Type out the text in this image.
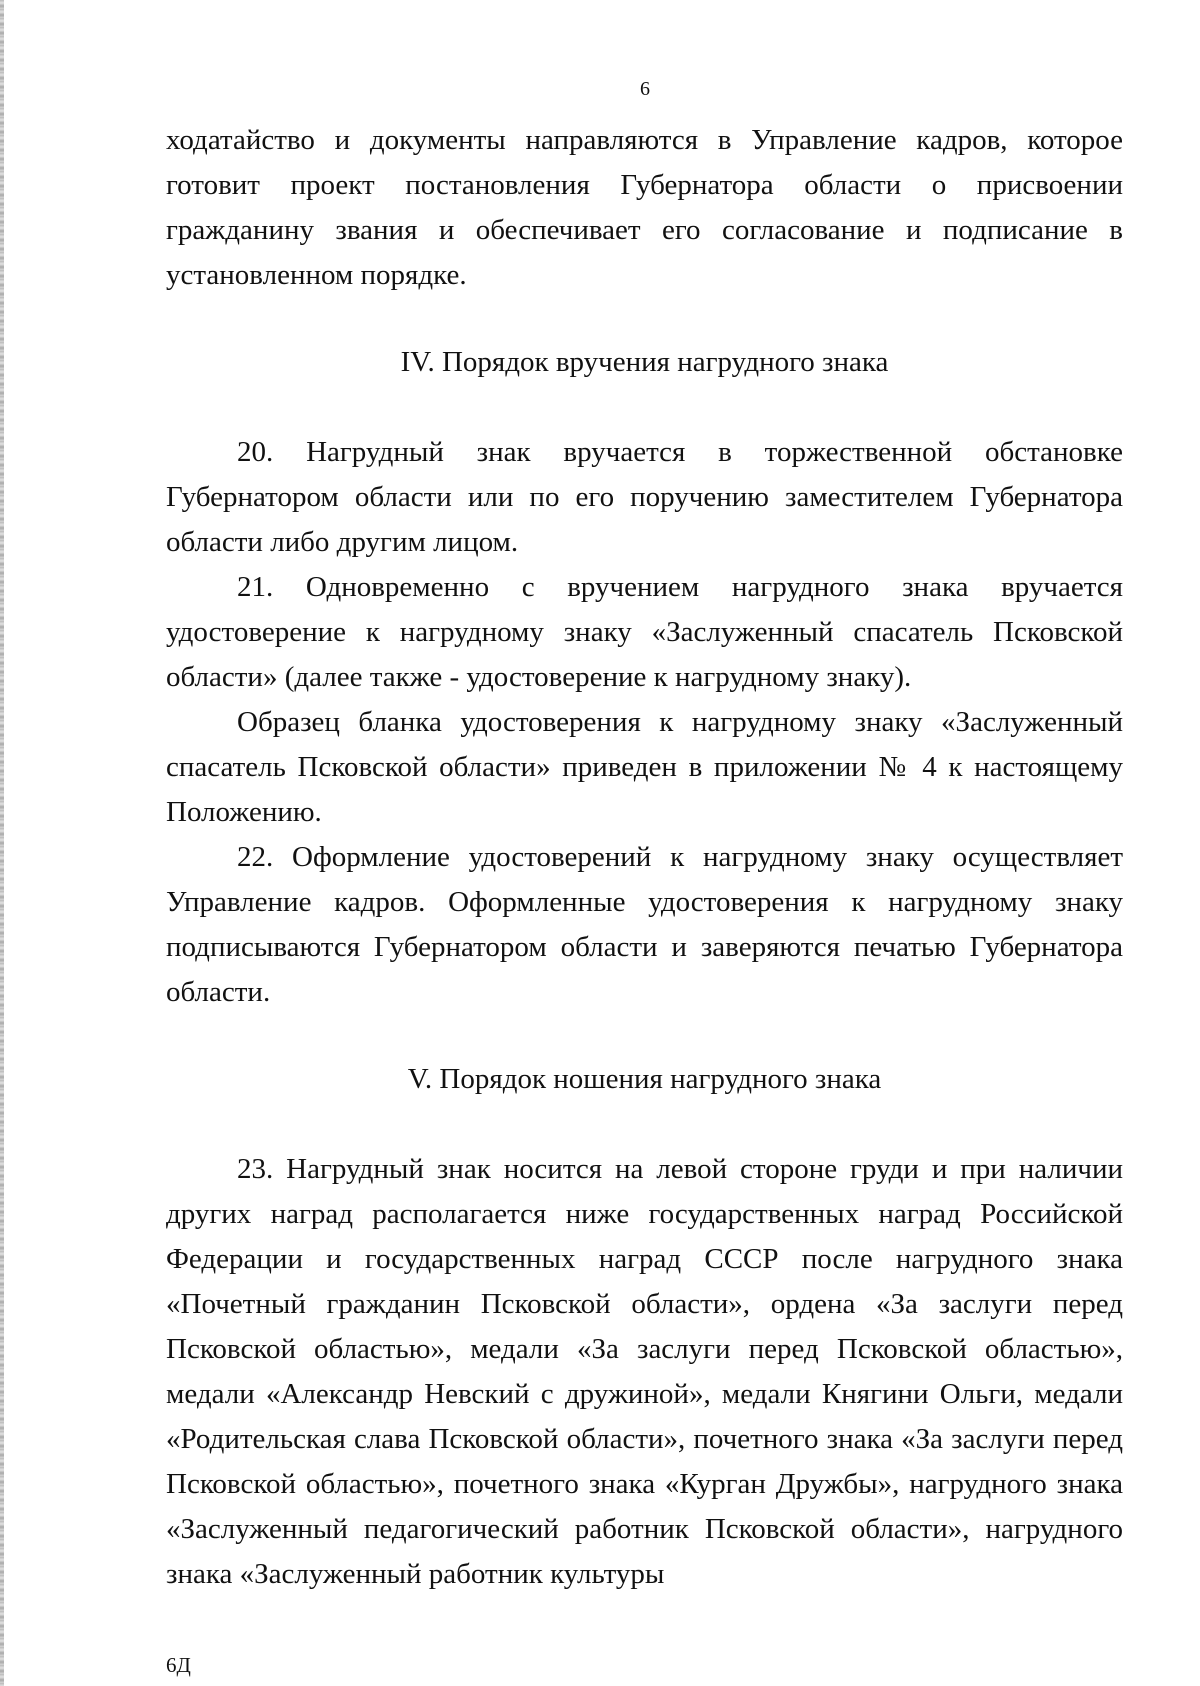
6

ходатайство и документы направляются в Управление кадров, которое готовит проект постановления Губернатора области о присвоении гражданину звания и обеспечивает его согласование и подписание в установленном порядке.

IV. Порядок вручения нагрудного знака

20. Нагрудный знак вручается в торжественной обстановке Губернатором области или по его поручению заместителем Губернатора области либо другим лицом.

21. Одновременно с вручением нагрудного знака вручается удостоверение к нагрудному знаку «Заслуженный спасатель Псковской области» (далее также - удостоверение к нагрудному знаку).

Образец бланка удостоверения к нагрудному знаку «Заслуженный спасатель Псковской области» приведен в приложении № 4 к настоящему Положению.

22. Оформление удостоверений к нагрудному знаку осуществляет Управление кадров. Оформленные удостоверения к нагрудному знаку подписываются Губернатором области и заверяются печатью Губернатора области.

V. Порядок ношения нагрудного знака

23. Нагрудный знак носится на левой стороне груди и при наличии других наград располагается ниже государственных наград Российской Федерации и государственных наград СССР после нагрудного знака «Почетный гражданин Псковской области», ордена «За заслуги перед Псковской областью», медали «За заслуги перед Псковской областью», медали «Александр Невский с дружиной», медали Княгини Ольги, медали «Родительская слава Псковской области», почетного знака «За заслуги перед Псковской областью», почетного знака «Курган Дружбы», нагрудного знака «Заслуженный педагогический работник Псковской области», нагрудного знака «Заслуженный работник культуры

6Д
